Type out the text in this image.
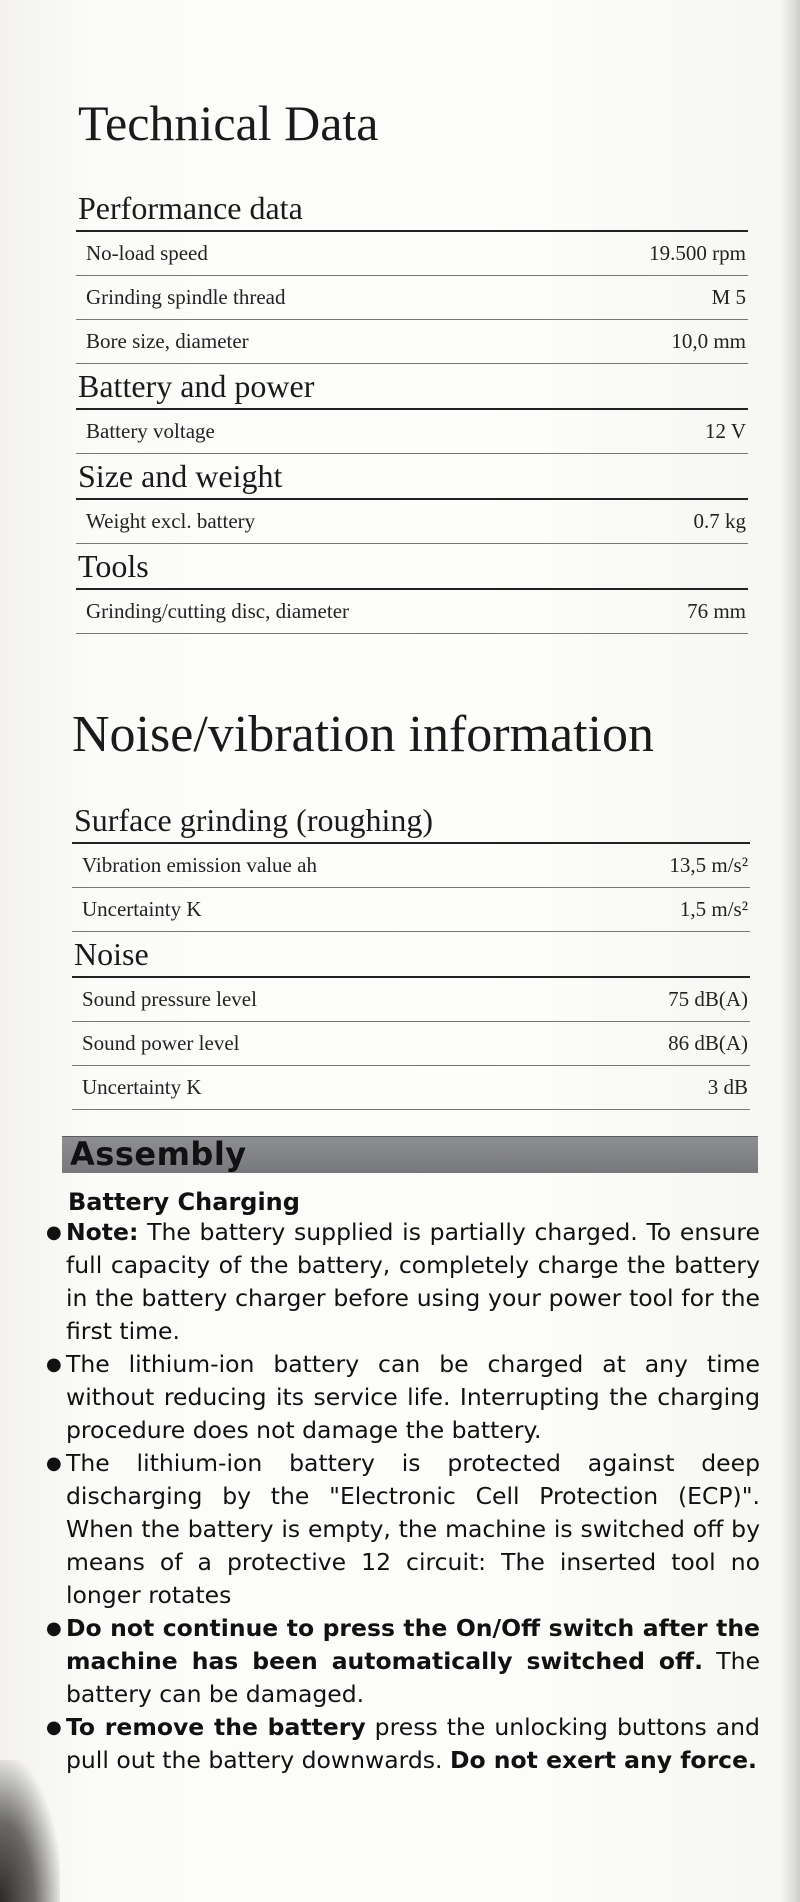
Technical Data
Performance data
No-load speed	19.500 rpm
Grinding spindle thread	M 5
Bore size, diameter	10,0 mm
Battery and power
Battery voltage	12 V
Size and weight
Weight excl. battery	0.7 kg
Tools
Grinding/cutting disc, diameter	76 mm
Noise/vibration information
Surface grinding (roughing)
Vibration emission value ah	13,5 m/s²
Uncertainty K	1,5 m/s²
Noise
Sound pressure level	75 dB(A)
Sound power level	86 dB(A)
Uncertainty K	3 dB
Assembly
Battery Charging
● Note: The battery supplied is partially charged. To ensure full capacity of the battery, completely charge the battery in the battery charger before using your power tool for the first time.
● The lithium-ion battery can be charged at any time without reducing its service life. Interrupting the charging procedure does not damage the battery.
● The lithium-ion battery is protected against deep discharging by the "Electronic Cell Protection (ECP)". When the battery is empty, the machine is switched off by means of a protective 12 circuit: The inserted tool no longer rotates
● Do not continue to press the On/Off switch after the machine has been automatically switched off. The battery can be damaged.
● To remove the battery press the unlocking buttons and pull out the battery downwards. Do not exert any force.
